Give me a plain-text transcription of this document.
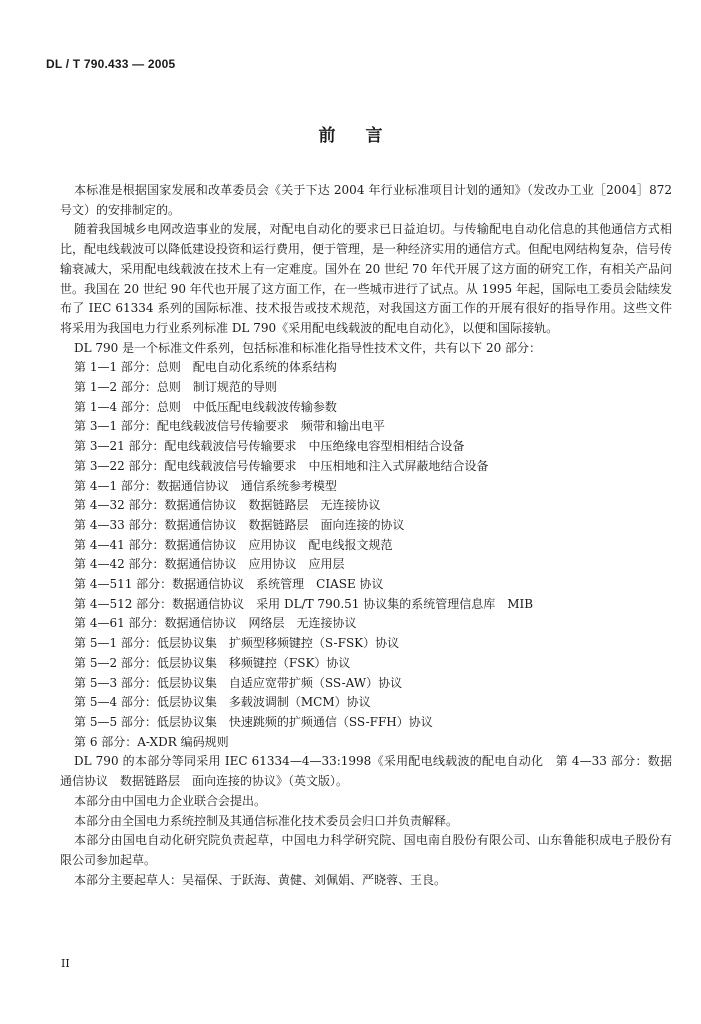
DL / T 790.433 — 2005
前言

本标准是根据国家发展和改革委员会《关于下达 2004 年行业标准项目计划的通知》（发改办工业［2004］872 号文）的安排制定的。

随着我国城乡电网改造事业的发展，对配电自动化的要求已日益迫切。与传输配电自动化信息的其他通信方式相比，配电线载波可以降低建设投资和运行费用，便于管理，是一种经济实用的通信方式。但配电网结构复杂，信号传输衰减大，采用配电线载波在技术上有一定难度。国外在 20 世纪 70 年代开展了这方面的研究工作，有相关产品问世。我国在 20 世纪 90 年代也开展了这方面工作，在一些城市进行了试点。从 1995 年起，国际电工委员会陆续发布了 IEC 61334 系列的国际标准、技术报告或技术规范，对我国这方面工作的开展有很好的指导作用。这些文件将采用为我国电力行业系列标准 DL 790《采用配电线载波的配电自动化》，以便和国际接轨。

DL 790 是一个标准文件系列，包括标准和标准化指导性技术文件，共有以下 20 部分：

第 1—1 部分：总则　配电自动化系统的体系结构
第 1—2 部分：总则　制订规范的导则
第 1—4 部分：总则　中低压配电线载波传输参数
第 3—1 部分：配电线载波信号传输要求　频带和输出电平
第 3—21 部分：配电线载波信号传输要求　中压绝缘电容型相相结合设备
第 3—22 部分：配电线载波信号传输要求　中压相地和注入式屏蔽地结合设备
第 4—1 部分：数据通信协议　通信系统参考模型
第 4—32 部分：数据通信协议　数据链路层　无连接协议
第 4—33 部分：数据通信协议　数据链路层　面向连接的协议
第 4—41 部分：数据通信协议　应用协议　配电线报文规范
第 4—42 部分：数据通信协议　应用协议　应用层
第 4—511 部分：数据通信协议　系统管理　CIASE 协议
第 4—512 部分：数据通信协议　采用 DL/T 790.51 协议集的系统管理信息库　MIB
第 4—61 部分：数据通信协议　网络层　无连接协议
第 5—1 部分：低层协议集　扩频型移频键控（S-FSK）协议
第 5—2 部分：低层协议集　移频键控（FSK）协议
第 5—3 部分：低层协议集　自适应宽带扩频（SS-AW）协议
第 5—4 部分：低层协议集　多载波调制（MCM）协议
第 5—5 部分：低层协议集　快速跳频的扩频通信（SS-FFH）协议
第 6 部分：A-XDR 编码规则

DL 790 的本部分等同采用 IEC 61334—4—33:1998《采用配电线载波的配电自动化　第 4—33 部分：数据通信协议　数据链路层　面向连接的协议》（英文版）。

本部分由中国电力企业联合会提出。

本部分由全国电力系统控制及其通信标准化技术委员会归口并负责解释。

本部分由国电自动化研究院负责起草，中国电力科学研究院、国电南自股份有限公司、山东鲁能积成电子股份有限公司参加起草。

本部分主要起草人：吴福保、于跃海、黄健、刘佩娟、严晓蓉、王良。

II
